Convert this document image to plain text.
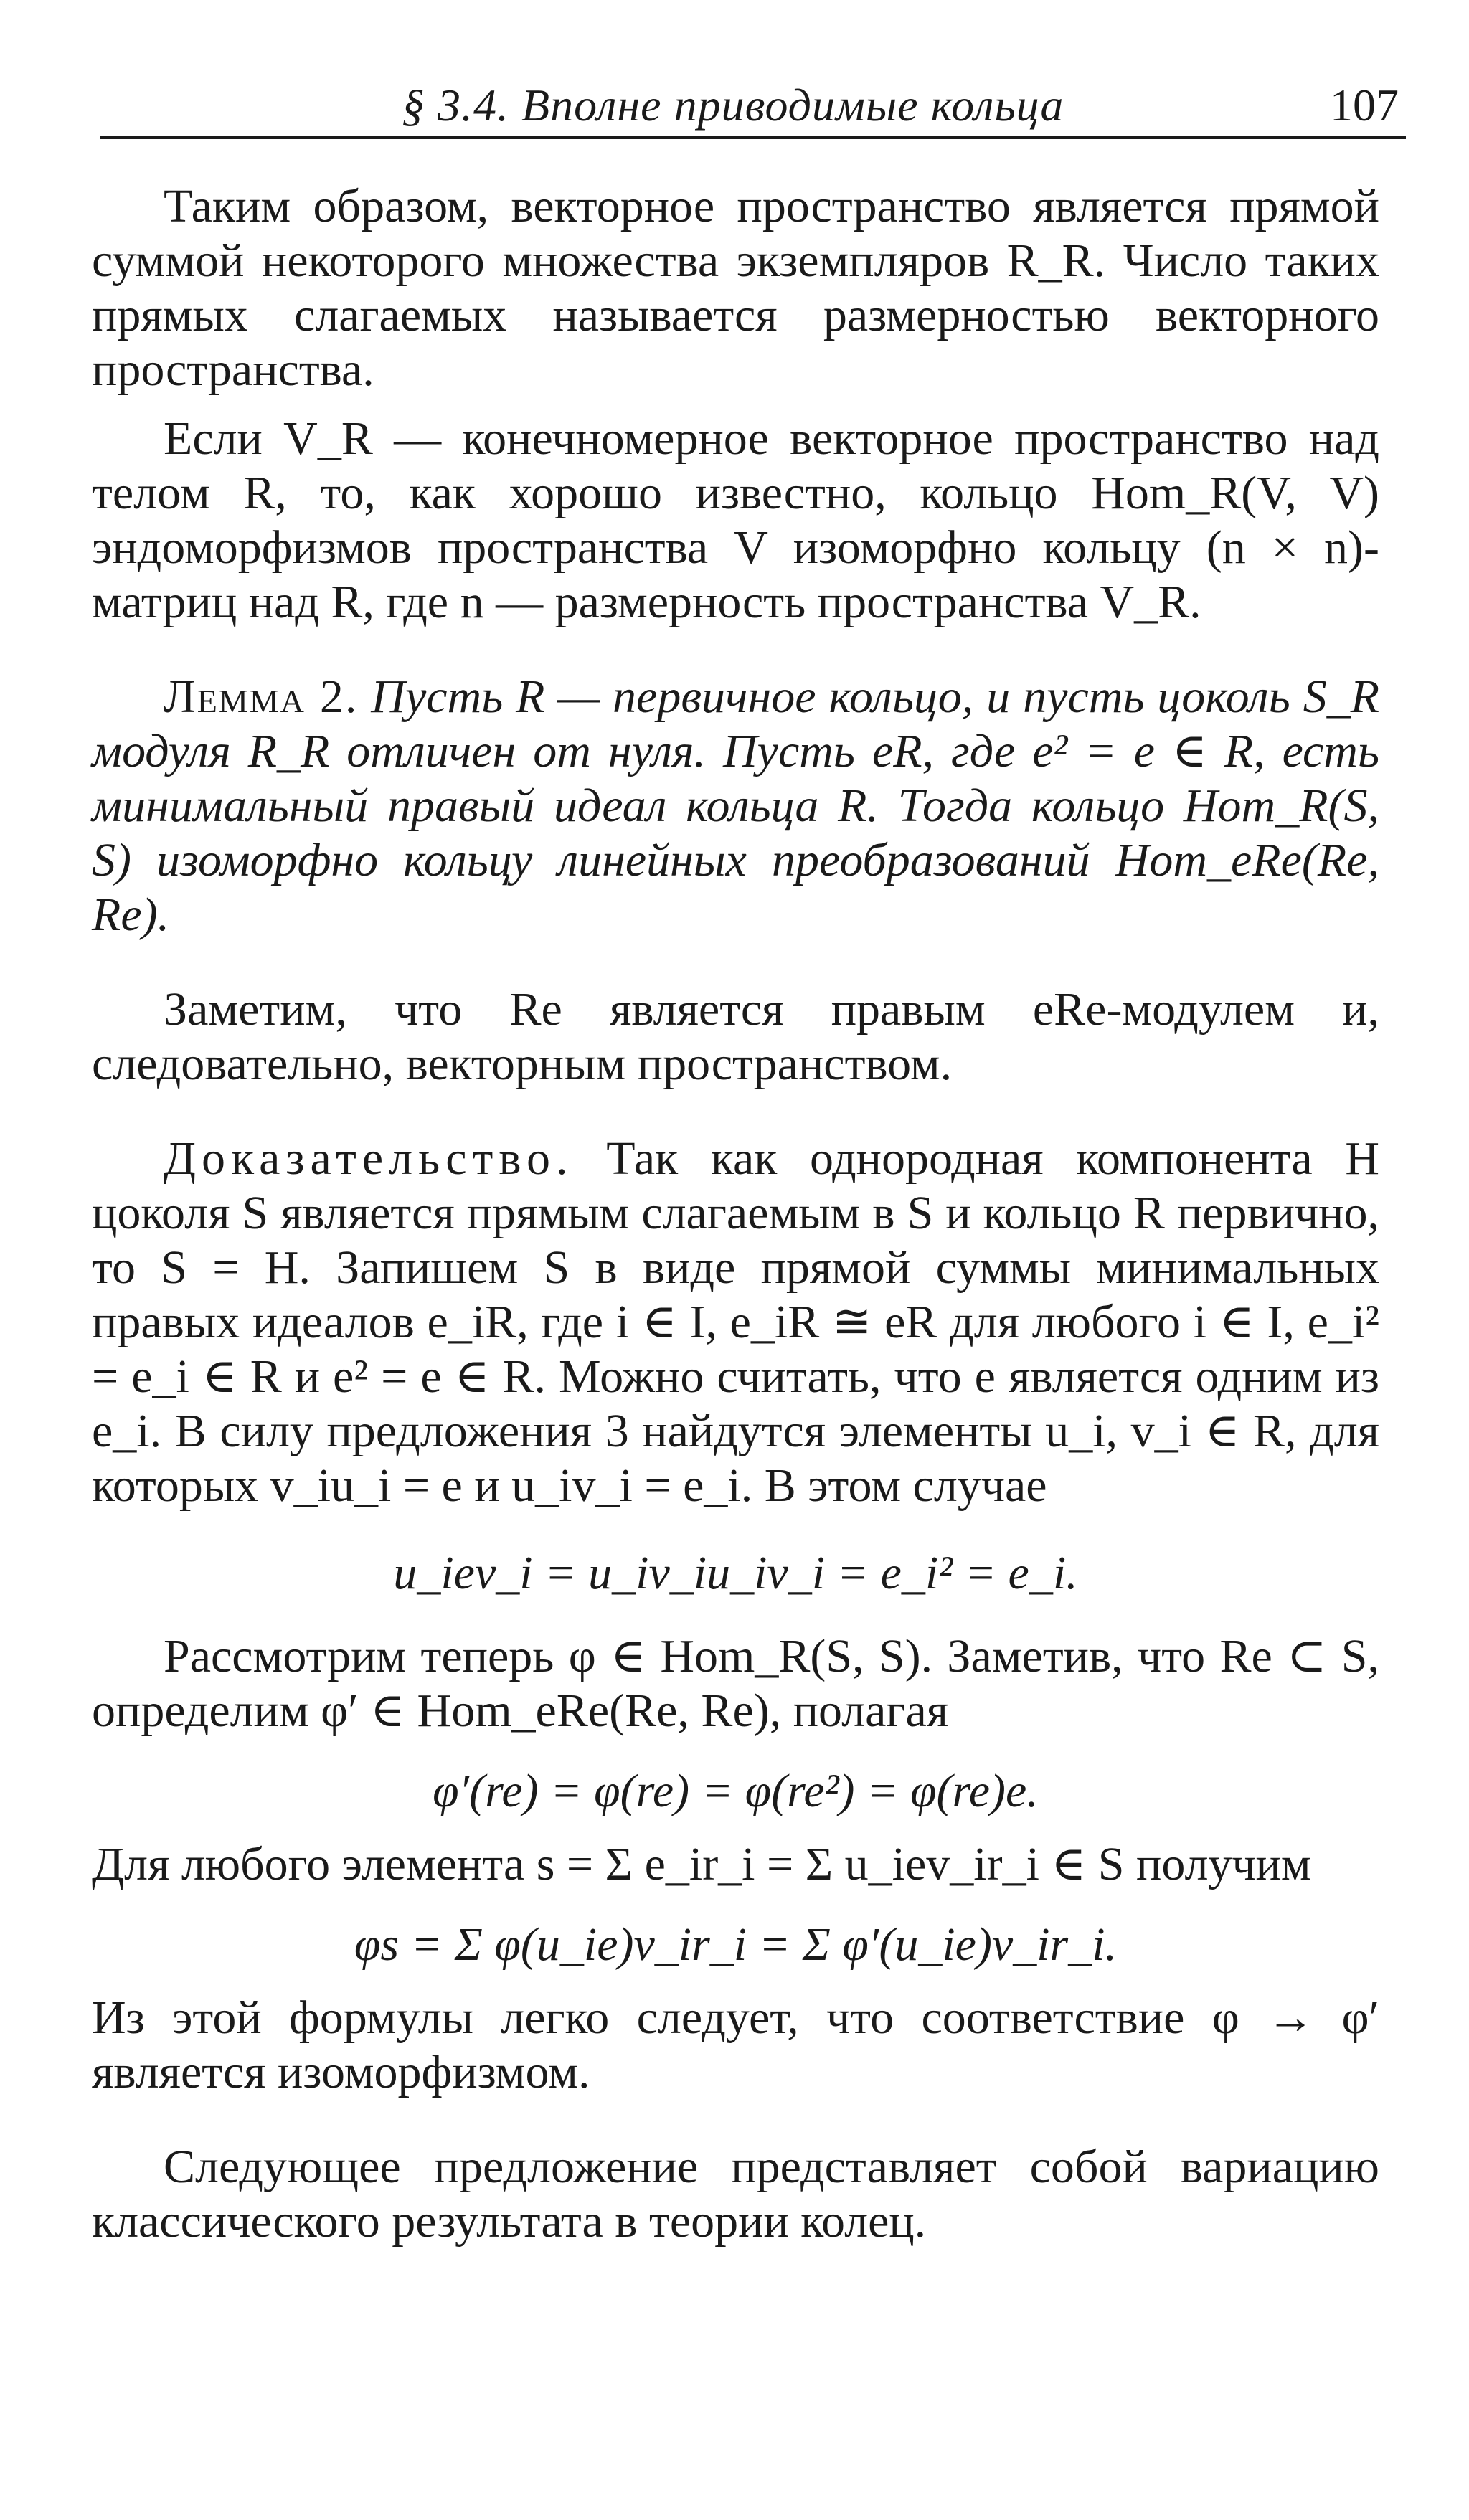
§ 3.4. Вполне приводимые кольца	107

Таким образом, векторное пространство является прямой суммой некоторого множества экземпляров R_R. Число таких прямых слагаемых называется размерностью векторного пространства.

Если V_R — конечномерное векторное пространство над телом R, то, как хорошо известно, кольцо Hom_R(V, V) эндоморфизмов пространства V изоморфно кольцу (n × n)-матриц над R, где n — размерность пространства V_R.

Лемма 2. Пусть R — первичное кольцо, и пусть цоколь S_R модуля R_R отличен от нуля. Пусть eR, где e² = e ∈ R, есть минимальный правый идеал кольца R. Тогда кольцо Hom_R(S, S) изоморфно кольцу линейных преобразований Hom_eRe(Re, Re).

Заметим, что Re является правым eRe-модулем и, следовательно, векторным пространством.

Доказательство. Так как однородная компонента H цоколя S является прямым слагаемым в S и кольцо R первично, то S = H. Запишем S в виде прямой суммы минимальных правых идеалов e_iR, где i ∈ I, e_iR ≅ eR для любого i ∈ I, e_i² = e_i ∈ R и e² = e ∈ R. Можно считать, что e является одним из e_i. В силу предложения 3 найдутся элементы u_i, v_i ∈ R, для которых v_iu_i = e и u_iv_i = e_i. В этом случае

u_iev_i = u_iv_iu_iv_i = e_i² = e_i.

Рассмотрим теперь φ ∈ Hom_R(S, S). Заметив, что Re ⊂ S, определим φ′ ∈ Hom_eRe(Re, Re), полагая

φ′(re) = φ(re) = φ(re²) = φ(re)e.

Для любого элемента s = Σ e_ir_i = Σ u_iev_ir_i ∈ S получим

φs = Σ φ(u_ie)v_ir_i = Σ φ′(u_ie)v_ir_i.

Из этой формулы легко следует, что соответствие φ → φ′ является изоморфизмом.

Следующее предложение представляет собой вариацию классического результата в теории колец.
